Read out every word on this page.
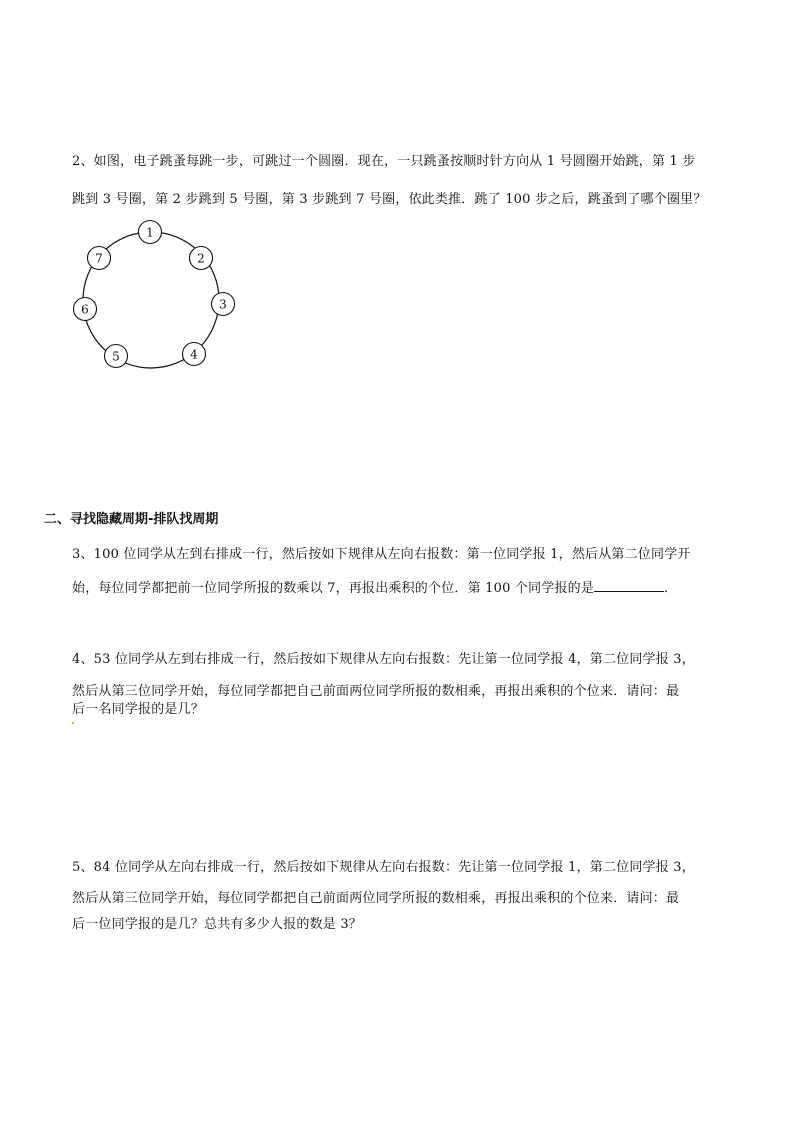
2、如图，电子跳蚤每跳一步，可跳过一个圆圈．现在，一只跳蚤按顺时针方向从 1 号圆圈开始跳，第 1 步
跳到 3 号圈，第 2 步跳到 5 号圈，第 3 步跳到 7 号圈，依此类推．跳了 100 步之后，跳蚤到了哪个圈里？
1
2
3
4
5
6
7
二、寻找隐藏周期-排队找周期
3、100 位同学从左到右排成一行，然后按如下规律从左向右报数：第一位同学报 1，然后从第二位同学开
始，每位同学都把前一位同学所报的数乘以 7，再报出乘积的个位．第 100 个同学报的是	．
4、53 位同学从左到右排成一行，然后按如下规律从左向右报数：先让第一位同学报 4，第二位同学报 3，
然后从第三位同学开始，每位同学都把自己前面两位同学所报的数相乘，再报出乘积的个位来．请问：最
后一名同学报的是几？
5、84 位同学从左向右排成一行，然后按如下规律从左向右报数：先让第一位同学报 1，第二位同学报 3，
然后从第三位同学开始，每位同学都把自己前面两位同学所报的数相乘，再报出乘积的个位来．请问：最
后一位同学报的是几？总共有多少人报的数是 3？
